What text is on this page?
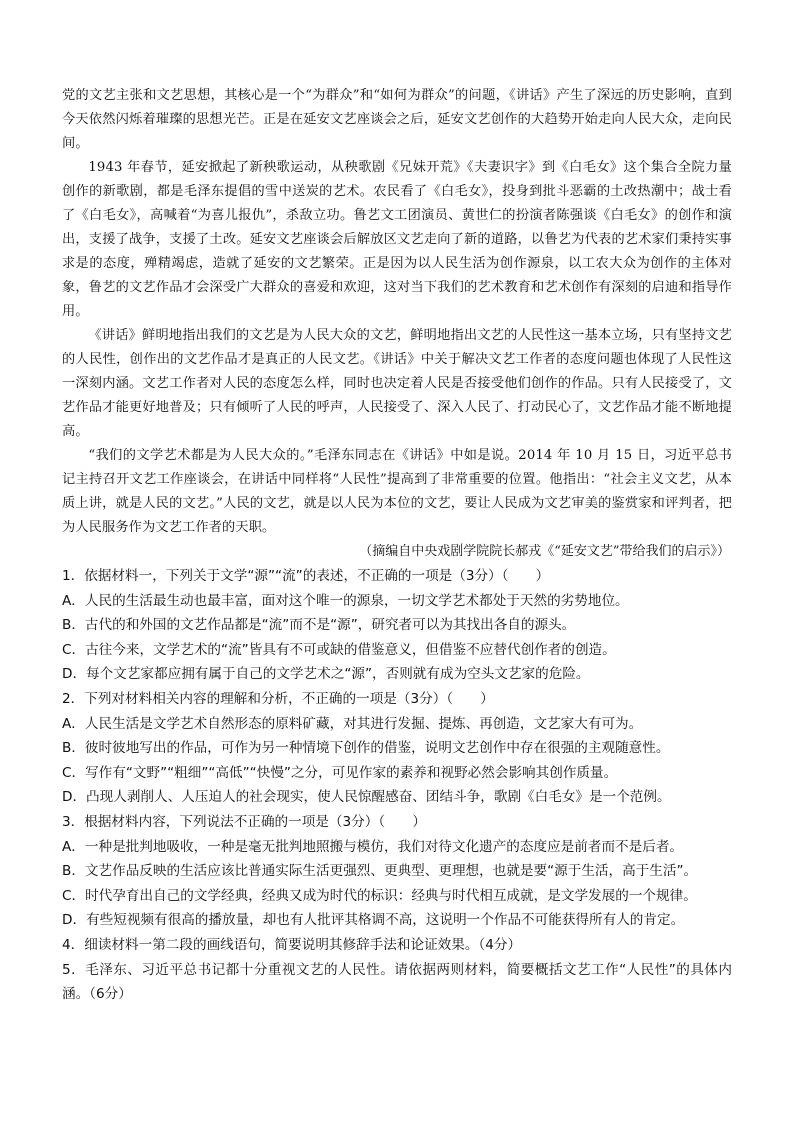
党的文艺主张和文艺思想，其核心是一个“为群众”和“如何为群众”的问题，《讲话》产生了深远的历史影响，直到今天依然闪烁着璀璨的思想光芒。正是在延安文艺座谈会之后，延安文艺创作的大趋势开始走向人民大众，走向民间。

1943 年春节，延安掀起了新秧歌运动，从秧歌剧《兄妹开荒》《夫妻识字》到《白毛女》这个集合全院力量创作的新歌剧，都是毛泽东提倡的雪中送炭的艺术。农民看了《白毛女》，投身到批斗恶霸的土改热潮中；战士看了《白毛女》，高喊着“为喜儿报仇”，杀敌立功。鲁艺文工团演员、黄世仁的扮演者陈强谈《白毛女》的创作和演出，支援了战争，支援了土改。延安文艺座谈会后解放区文艺走向了新的道路，以鲁艺为代表的艺术家们秉持实事求是的态度，殚精竭虑，造就了延安的文艺繁荣。正是因为以人民生活为创作源泉，以工农大众为创作的主体对象，鲁艺的文艺作品才会深受广大群众的喜爱和欢迎，这对当下我们的艺术教育和艺术创作有深刻的启迪和指导作用。

《讲话》鲜明地指出我们的文艺是为人民大众的文艺，鲜明地指出文艺的人民性这一基本立场，只有坚持文艺的人民性，创作出的文艺作品才是真正的人民文艺。《讲话》中关于解决文艺工作者的态度问题也体现了人民性这一深刻内涵。文艺工作者对人民的态度怎么样，同时也决定着人民是否接受他们创作的作品。只有人民接受了，文艺作品才能更好地普及；只有倾听了人民的呼声，人民接受了、深入人民了、打动民心了，文艺作品才能不断地提高。

“我们的文学艺术都是为人民大众的。”毛泽东同志在《讲话》中如是说。2014 年 10 月 15 日，习近平总书记主持召开文艺工作座谈会，在讲话中同样将“人民性”提高到了非常重要的位置。他指出：“社会主义文艺，从本质上讲，就是人民的文艺。”人民的文艺，就是以人民为本位的文艺，要让人民成为文艺审美的鉴赏家和评判者，把为人民服务作为文艺工作者的天职。

（摘编自中央戏剧学院院长郝戎《“延安文艺”带给我们的启示》）

1．依据材料一，下列关于文学“源”“流”的表述，不正确的一项是（3分）（　　）

A．人民的生活最生动也最丰富，面对这个唯一的源泉，一切文学艺术都处于天然的劣势地位。

B．古代的和外国的文艺作品都是“流”而不是“源”，研究者可以为其找出各自的源头。

C．古往今来，文学艺术的“流”皆具有不可或缺的借鉴意义，但借鉴不应替代创作者的创造。

D．每个文艺家都应拥有属于自己的文学艺术之“源”，否则就有成为空头文艺家的危险。

2．下列对材料相关内容的理解和分析，不正确的一项是（3分）（　　）

A．人民生活是文学艺术自然形态的原料矿藏，对其进行发掘、提炼、再创造，文艺家大有可为。

B．彼时彼地写出的作品，可作为另一种情境下创作的借鉴，说明文艺创作中存在很强的主观随意性。

C．写作有“文野”“粗细”“高低”“快慢”之分，可见作家的素养和视野必然会影响其创作质量。

D．凸现人剥削人、人压迫人的社会现实，使人民惊醒感奋、团结斗争，歌剧《白毛女》是一个范例。

3．根据材料内容，下列说法不正确的一项是（3分）（　　）

A．一种是批判地吸收，一种是毫无批判地照搬与模仿，我们对待文化遗产的态度应是前者而不是后者。

B．文艺作品反映的生活应该比普通实际生活更强烈、更典型、更理想，也就是要“源于生活，高于生活”。

C．时代孕育出自己的文学经典，经典又成为时代的标识：经典与时代相互成就，是文学发展的一个规律。

D．有些短视频有很高的播放量，却也有人批评其格调不高，这说明一个作品不可能获得所有人的肯定。

4．细读材料一第二段的画线语句，简要说明其修辞手法和论证效果。（4分）

5．毛泽东、习近平总书记都十分重视文艺的人民性。请依据两则材料，简要概括文艺工作“人民性”的具体内涵。（6分）
